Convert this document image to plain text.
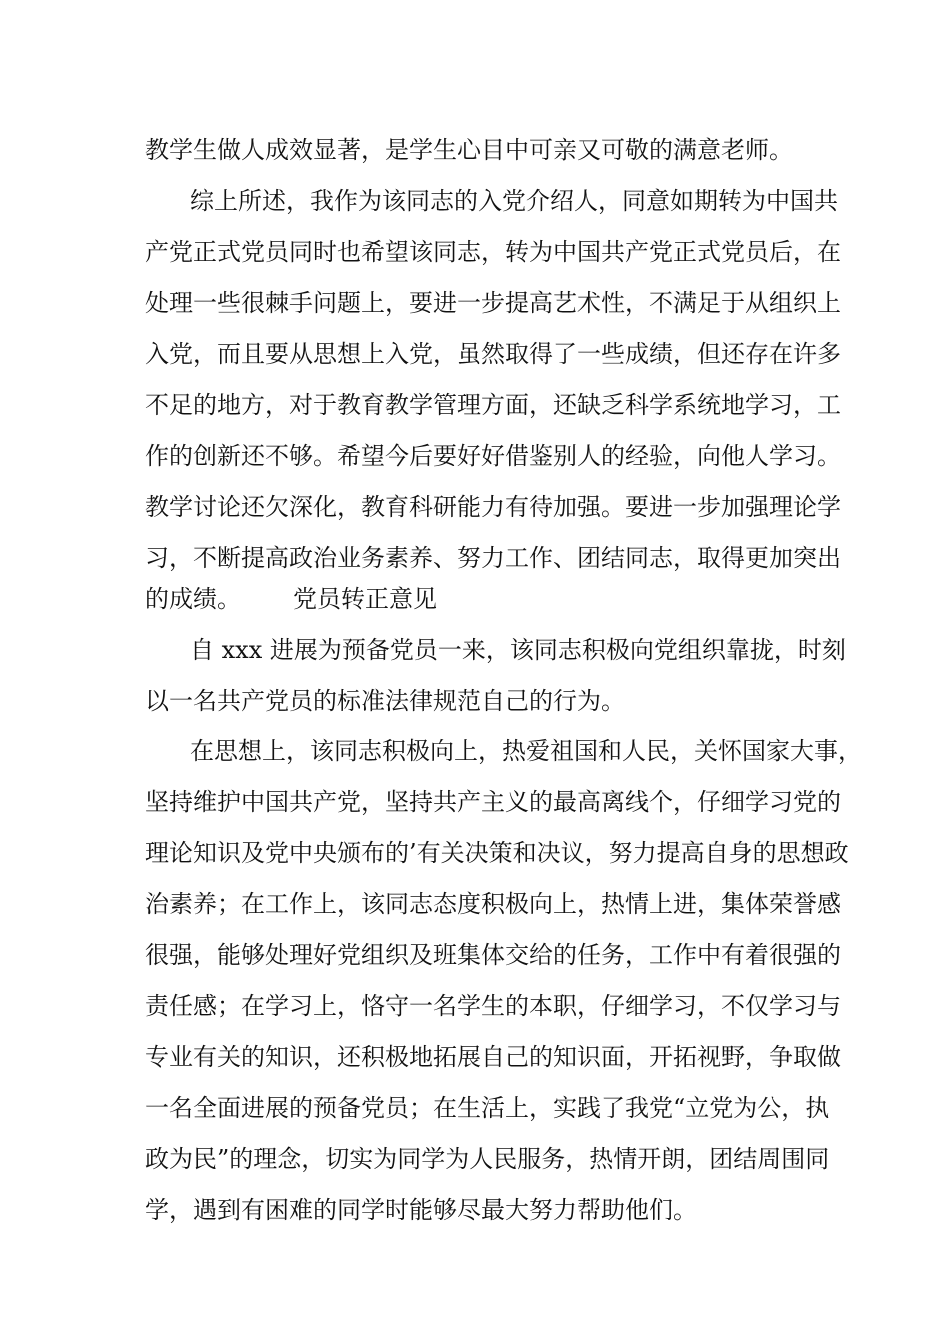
教学生做人成效显著，是学生心目中可亲又可敬的满意老师。

综上所述，我作为该同志的入党介绍人，同意如期转为中国共

产党正式党员同时也希望该同志，转为中国共产党正式党员后，在

处理一些很棘手问题上，要进一步提高艺术性，不满足于从组织上

入党，而且要从思想上入党，虽然取得了一些成绩，但还存在许多

不足的地方，对于教育教学管理方面，还缺乏科学系统地学习，工

作的创新还不够。希望今后要好好借鉴别人的经验，向他人学习。

教学讨论还欠深化，教育科研能力有待加强。要进一步加强理论学

习，不断提高政治业务素养、努力工作、团结同志，取得更加突出

的成绩。 党员转正意见

自 xxx 进展为预备党员一来，该同志积极向党组织靠拢，时刻

以一名共产党员的标准法律规范自己的行为。

在思想上，该同志积极向上，热爱祖国和人民，关怀国家大事，

坚持维护中国共产党，坚持共产主义的最高离线个，仔细学习党的

理论知识及党中央颁布的’有关决策和决议，努力提高自身的思想政

治素养；在工作上，该同志态度积极向上，热情上进，集体荣誉感

很强，能够处理好党组织及班集体交给的任务，工作中有着很强的

责任感；在学习上，恪守一名学生的本职，仔细学习，不仅学习与

专业有关的知识，还积极地拓展自己的知识面，开拓视野，争取做

一名全面进展的预备党员；在生活上，实践了我党“立党为公，执

政为民”的理念，切实为同学为人民服务，热情开朗，团结周围同

学，遇到有困难的同学时能够尽最大努力帮助他们。
